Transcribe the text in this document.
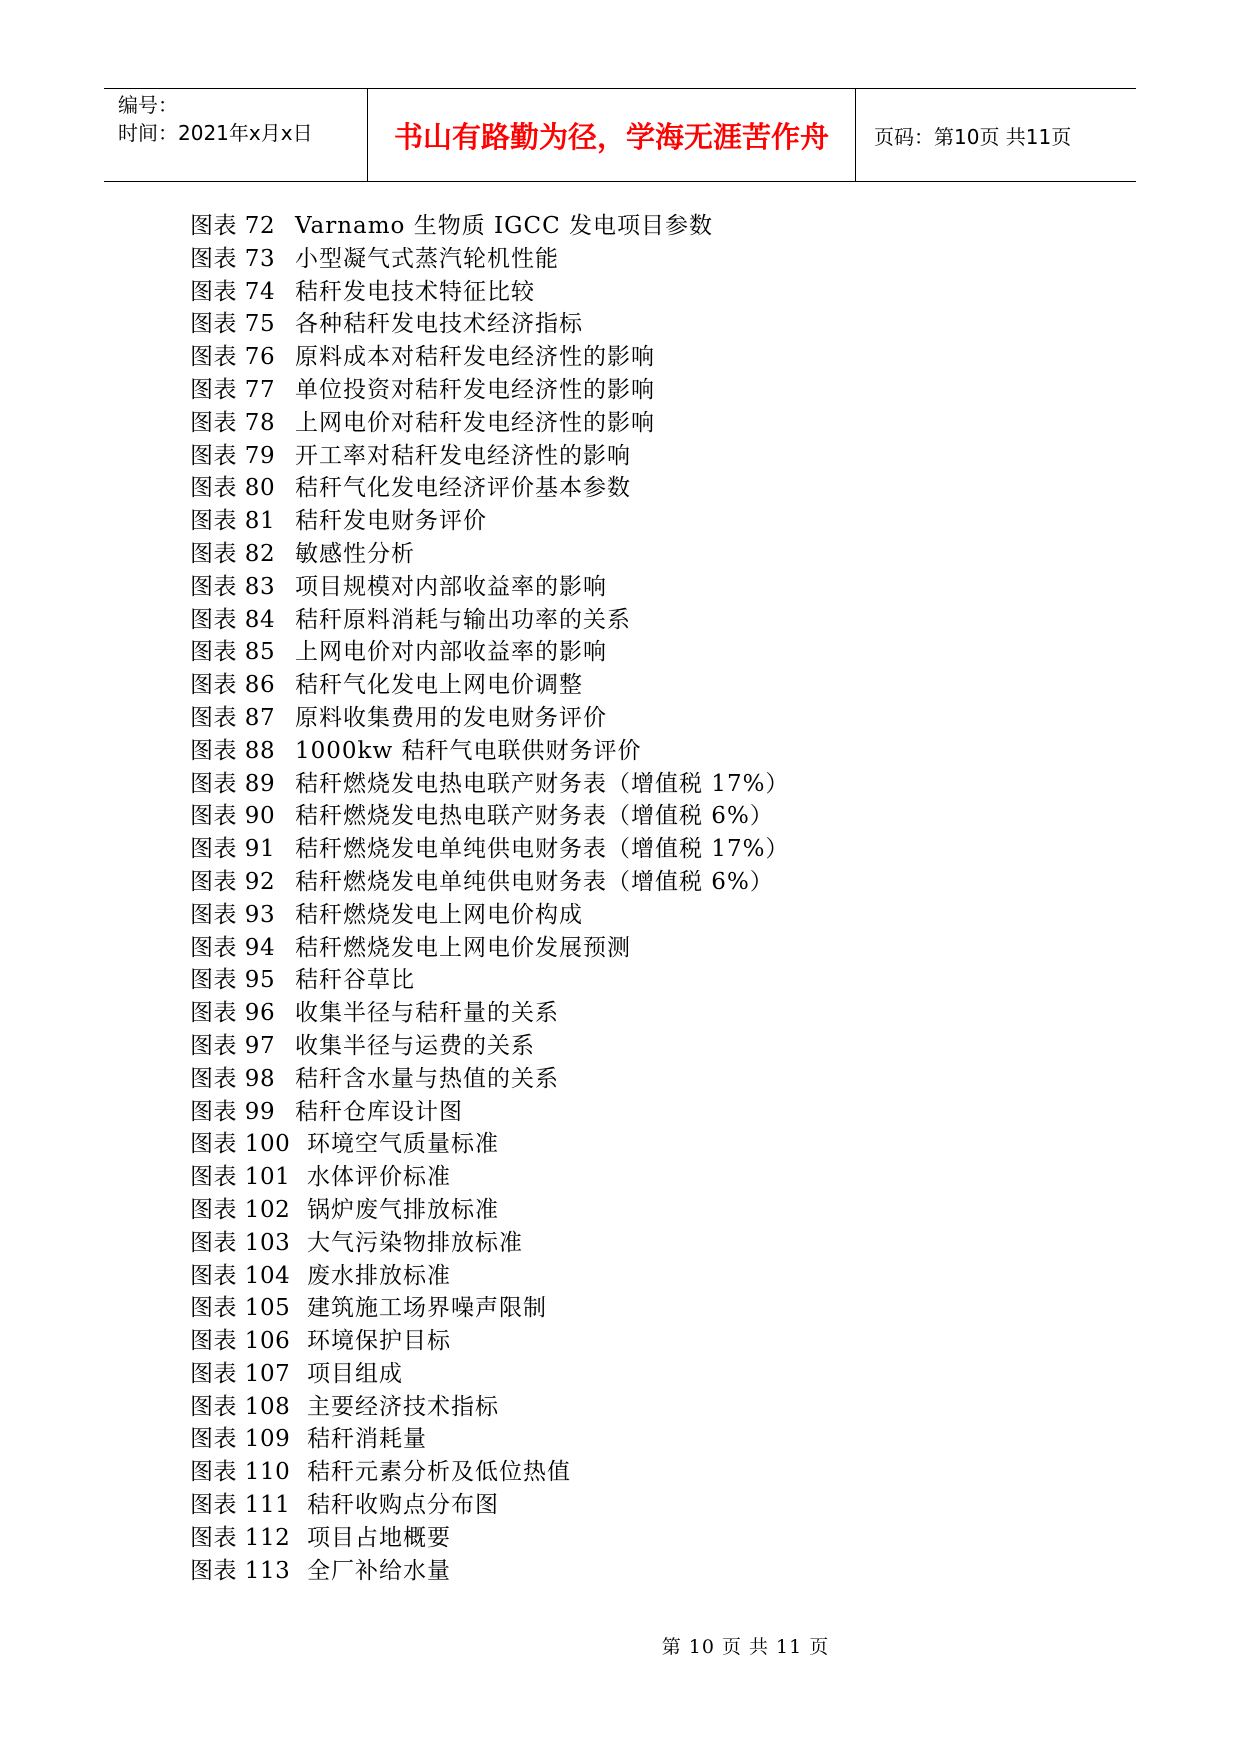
编号：
时间：2021年x月x日	书山有路勤为径，学海无涯苦作舟	页码：第10页 共11页
图表 72 Varnamo 生物质 IGCC 发电项目参数
图表 73 小型凝气式蒸汽轮机性能
图表 74 秸秆发电技术特征比较
图表 75 各种秸秆发电技术经济指标
图表 76 原料成本对秸秆发电经济性的影响
图表 77 单位投资对秸秆发电经济性的影响
图表 78 上网电价对秸秆发电经济性的影响
图表 79 开工率对秸秆发电经济性的影响
图表 80 秸秆气化发电经济评价基本参数
图表 81 秸秆发电财务评价
图表 82 敏感性分析
图表 83 项目规模对内部收益率的影响
图表 84 秸秆原料消耗与输出功率的关系
图表 85 上网电价对内部收益率的影响
图表 86 秸秆气化发电上网电价调整
图表 87 原料收集费用的发电财务评价
图表 88 1000kw 秸秆气电联供财务评价
图表 89 秸秆燃烧发电热电联产财务表（增值税 17%）
图表 90 秸秆燃烧发电热电联产财务表（增值税 6%）
图表 91 秸秆燃烧发电单纯供电财务表（增值税 17%）
图表 92 秸秆燃烧发电单纯供电财务表（增值税 6%）
图表 93 秸秆燃烧发电上网电价构成
图表 94 秸秆燃烧发电上网电价发展预测
图表 95 秸秆谷草比
图表 96 收集半径与秸秆量的关系
图表 97 收集半径与运费的关系
图表 98 秸秆含水量与热值的关系
图表 99 秸秆仓库设计图
图表 100 环境空气质量标准
图表 101 水体评价标准
图表 102 锅炉废气排放标准
图表 103 大气污染物排放标准
图表 104 废水排放标准
图表 105 建筑施工场界噪声限制
图表 106 环境保护目标
图表 107 项目组成
图表 108 主要经济技术指标
图表 109 秸秆消耗量
图表 110 秸秆元素分析及低位热值
图表 111 秸秆收购点分布图
图表 112 项目占地概要
图表 113 全厂补给水量
第 10 页 共 11 页
